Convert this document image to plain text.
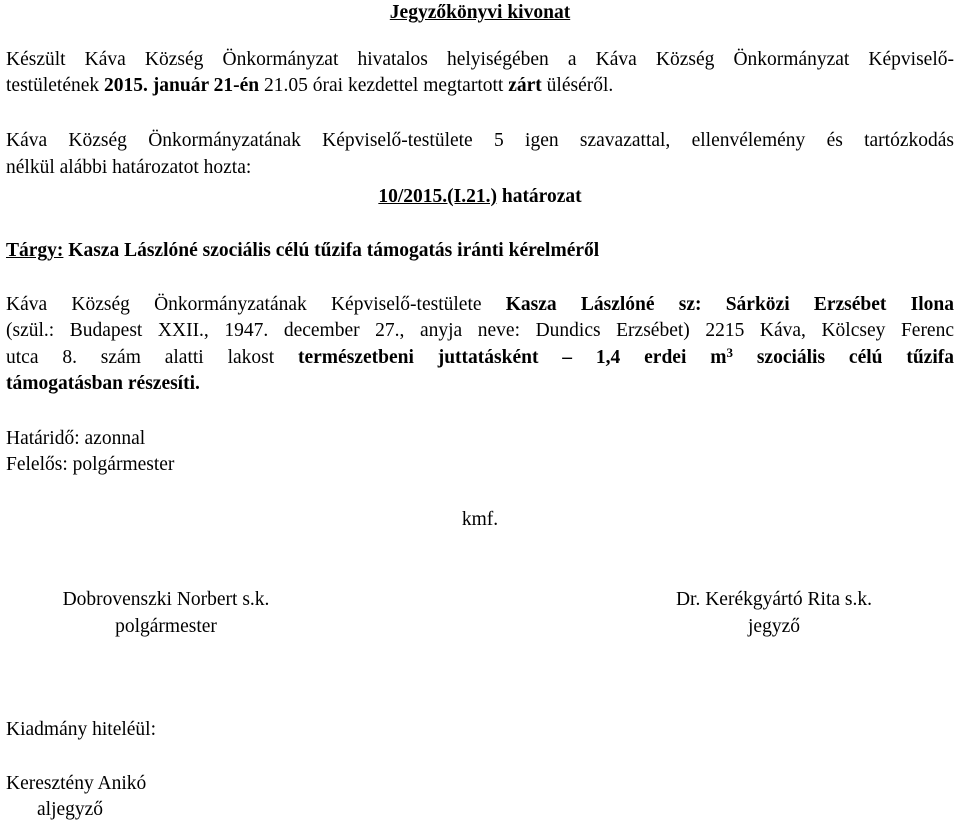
Jegyzőkönyvi kivonat
Készült Káva Község Önkormányzat hivatalos helyiségében a Káva Község Önkormányzat Képviselő-
testületének 2015. január 21-én 21.05 órai kezdettel megtartott zárt üléséről.
Káva Község Önkormányzatának Képviselő-testülete 5 igen szavazattal, ellenvélemény és tartózkodás
nélkül alábbi határozatot hozta:
10/2015.(I.21.) határozat
Tárgy: Kasza Lászlóné szociális célú tűzifa támogatás iránti kérelméről
Káva Község Önkormányzatának Képviselő-testülete Kasza Lászlóné sz: Sárközi Erzsébet Ilona
(szül.: Budapest XXII., 1947. december 27., anyja neve: Dundics Erzsébet) 2215 Káva, Kölcsey Ferenc
utca 8. szám alatti lakost természetbeni juttatásként – 1,4 erdei $m^3$ szociális célú tűzifa
támogatásban részesíti.
Határidő: azonnal
Felelős: polgármester
kmf.
Dobrovenszki Norbert s.k.
polgármester
Dr. Kerékgyártó Rita s.k.
jegyző
Kiadmány hiteléül:
Keresztény Anikó
aljegyző
